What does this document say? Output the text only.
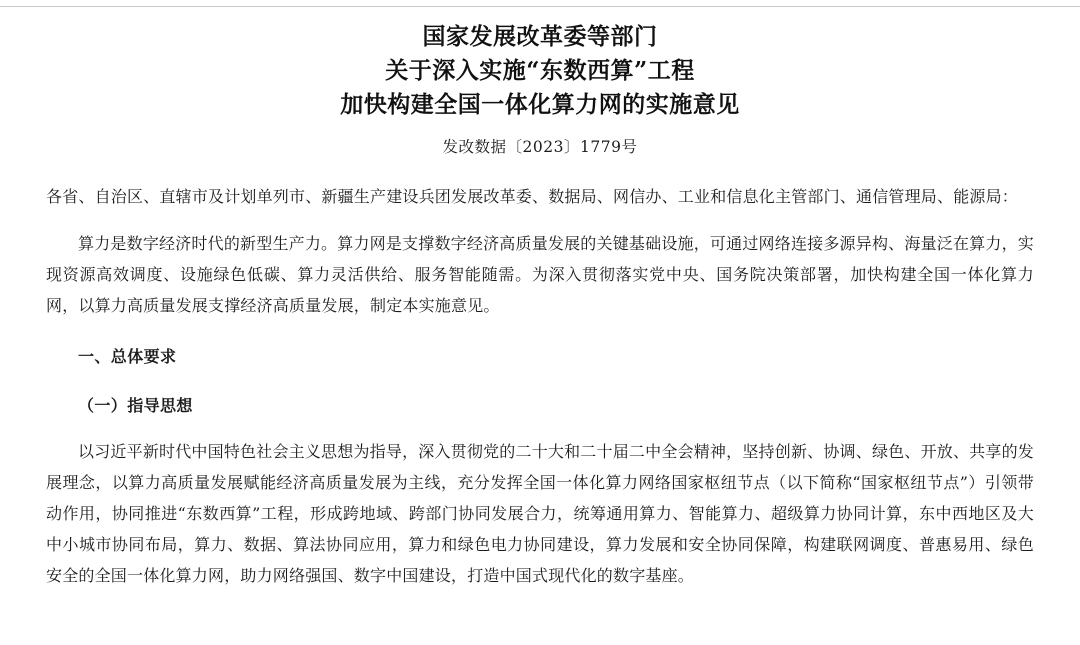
国家发展改革委等部门
关于深入实施“东数西算”工程
加快构建全国一体化算力网的实施意见
发改数据〔2023〕1779号
各省、自治区、直辖市及计划单列市、新疆生产建设兵团发展改革委、数据局、网信办、工业和信息化主管部门、通信管理局、能源局：
算力是数字经济时代的新型生产力。算力网是支撑数字经济高质量发展的关键基础设施，可通过网络连接多源异构、海量泛在算力，实现资源高效调度、设施绿色低碳、算力灵活供给、服务智能随需。为深入贯彻落实党中央、国务院决策部署，加快构建全国一体化算力网，以算力高质量发展支撑经济高质量发展，制定本实施意见。
一、总体要求
（一）指导思想
以习近平新时代中国特色社会主义思想为指导，深入贯彻党的二十大和二十届二中全会精神，坚持创新、协调、绿色、开放、共享的发展理念，以算力高质量发展赋能经济高质量发展为主线，充分发挥全国一体化算力网络国家枢纽节点（以下简称“国家枢纽节点”）引领带动作用，协同推进“东数西算”工程，形成跨地域、跨部门协同发展合力，统筹通用算力、智能算力、超级算力协同计算，东中西地区及大中小城市协同布局，算力、数据、算法协同应用，算力和绿色电力协同建设，算力发展和安全协同保障，构建联网调度、普惠易用、绿色安全的全国一体化算力网，助力网络强国、数字中国建设，打造中国式现代化的数字基座。
